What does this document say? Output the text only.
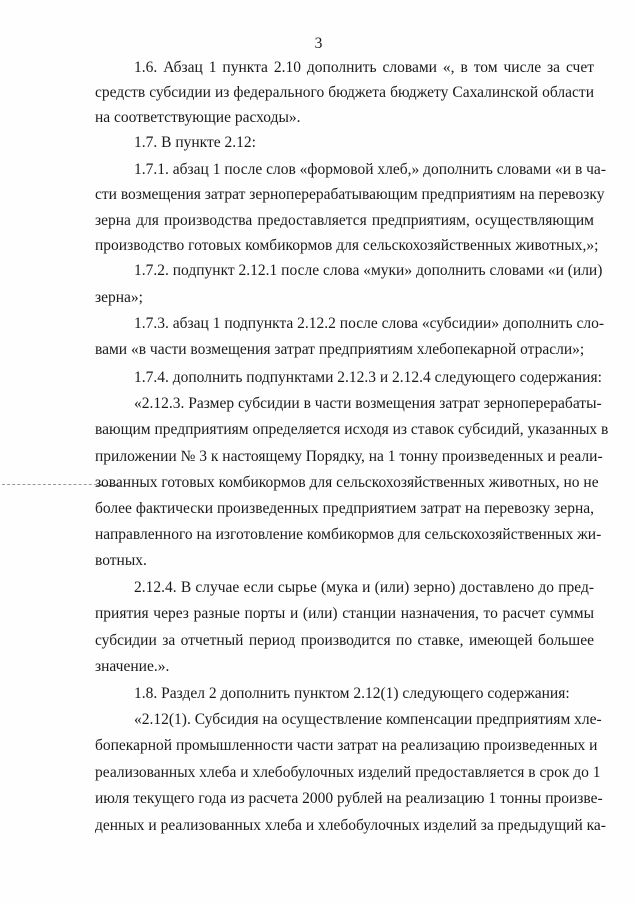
3
1.6. Абзац 1 пункта 2.10 дополнить словами «, в том числе за счет
средств субсидии из федерального бюджета бюджету Сахалинской области
на соответствующие расходы».
1.7. В пункте 2.12:
1.7.1. абзац 1 после слов «формовой хлеб,» дополнить словами «и в ча-
сти возмещения затрат зерноперерабатывающим предприятиям на перевозку
зерна для производства предоставляется предприятиям, осуществляющим
производство готовых комбикормов для сельскохозяйственных животных,»;
1.7.2. подпункт 2.12.1 после слова «муки» дополнить словами «и (или)
зерна»;
1.7.3. абзац 1 подпункта 2.12.2 после слова «субсидии» дополнить сло-
вами «в части возмещения затрат предприятиям хлебопекарной отрасли»;
1.7.4. дополнить подпунктами 2.12.3 и 2.12.4 следующего содержания:
«2.12.3. Размер субсидии в части возмещения затрат зерноперерабаты-
вающим предприятиям определяется исходя из ставок субсидий, указанных в
приложении № 3 к настоящему Порядку, на 1 тонну произведенных и реали-
зованных готовых комбикормов для сельскохозяйственных животных, но не
более фактически произведенных предприятием затрат на перевозку зерна,
направленного на изготовление комбикормов для сельскохозяйственных жи-
вотных.
2.12.4. В случае если сырье (мука и (или) зерно) доставлено до пред-
приятия через разные порты и (или) станции назначения, то расчет суммы
субсидии за отчетный период производится по ставке, имеющей большее
значение.».
1.8. Раздел 2 дополнить пунктом 2.12(1) следующего содержания:
«2.12(1). Субсидия на осуществление компенсации предприятиям хле-
бопекарной промышленности части затрат на реализацию произведенных и
реализованных хлеба и хлебобулочных изделий предоставляется в срок до 1
июля текущего года из расчета 2000 рублей на реализацию 1 тонны произве-
денных и реализованных хлеба и хлебобулочных изделий за предыдущий ка-
